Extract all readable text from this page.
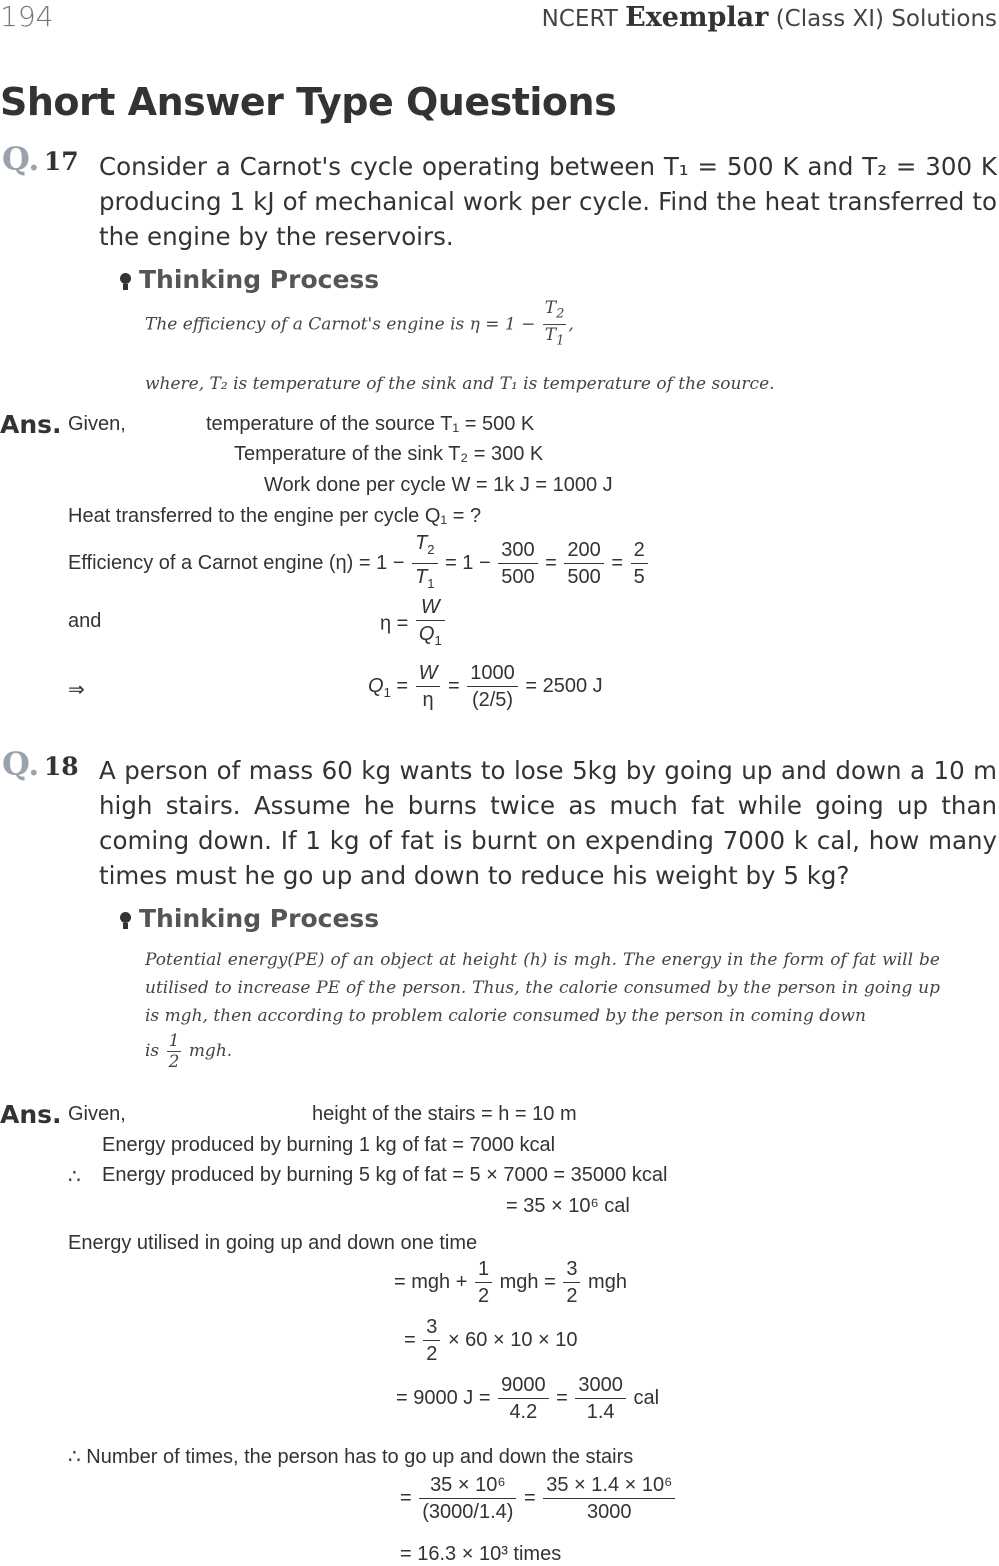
194	NCERT Exemplar (Class XI) Solutions
Short Answer Type Questions
Q. 17 Consider a Carnot's cycle operating between T₁ = 500 K and T₂ = 300 K producing 1 kJ of mechanical work per cycle. Find the heat transferred to the engine by the reservoirs.
Thinking Process
The efficiency of a Carnot's engine is $\eta = 1 - \frac{T_2}{T_1}$ ,
where, T₂ is temperature of the sink and T₁ is temperature of the source.
Ans. Given,	temperature of the source T₁ = 500 K
Temperature of the sink T₂ = 300 K
Work done per cycle W = 1k J = 1000 J
Heat transferred to the engine per cycle Q₁ = ?
Efficiency of a Carnot engine $(\eta) = 1 - \frac{T_2}{T_1} = 1 - \frac{300}{500} = \frac{200}{500} = \frac{2}{5}$
and	$\eta = \frac{W}{Q_1}$
⇒	$Q_1 = \frac{W}{\eta} = \frac{1000}{(2/5)} = 2500$ J
Q. 18 A person of mass 60 kg wants to lose 5kg by going up and down a 10 m high stairs. Assume he burns twice as much fat while going up than coming down. If 1 kg of fat is burnt on expending 7000 k cal, how many times must he go up and down to reduce his weight by 5 kg?
Thinking Process
Potential energy(PE) of an object at height (h) is mgh. The energy in the form of fat will be utilised to increase PE of the person. Thus, the calorie consumed by the person in going up is mgh, then according to problem calorie consumed by the person in coming down
is $\frac{1}{2}$ mgh.
Ans. Given,	height of the stairs = h = 10 m
Energy produced by burning 1 kg of fat = 7000 kcal
∴ Energy produced by burning 5 kg of fat = 5 × 7000 = 35000 kcal
= 35 × 10⁶ cal
Energy utilised in going up and down one time
= mgh + $\frac{1}{2}$ mgh = $\frac{3}{2}$ mgh
= $\frac{3}{2} \times 60 \times 10 \times 10$
= 9000 $J = \frac{9000}{4.2} = \frac{3000}{1.4}$ cal
∴ Number of times, the person has to go up and down the stairs
= $\frac{\text{35 × 10⁶}}{(3000/1.4)} = \frac{\text{35 × 1.4 × 10⁶}}{3000}$
= 16.3 × 10³ times
